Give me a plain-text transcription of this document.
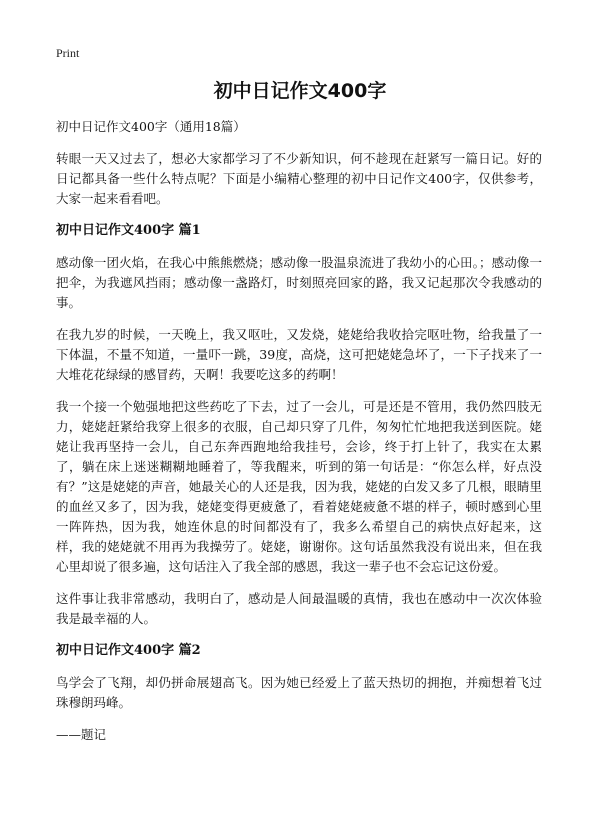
Print
初中日记作文400字

初中日记作文400字（通用18篇）

转眼一天又过去了，想必大家都学习了不少新知识，何不趁现在赶紧写一篇日记。好的日记都具备一些什么特点呢？下面是小编精心整理的初中日记作文400字，仅供参考，大家一起来看看吧。

初中日记作文400字 篇1

感动像一团火焰，在我心中熊熊燃烧；感动像一股温泉流进了我幼小的心田。；感动像一把伞，为我遮风挡雨；感动像一盏路灯，时刻照亮回家的路，我又记起那次令我感动的事。

在我九岁的时候，一天晚上，我又呕吐，又发烧，姥姥给我收拾完呕吐物，给我量了一下体温，不量不知道，一量吓一跳，39度，高烧，这可把姥姥急坏了，一下子找来了一大堆花花绿绿的感冒药，天啊！我要吃这多的药啊！

我一个接一个勉强地把这些药吃了下去，过了一会儿，可是还是不管用，我仍然四肢无力，姥姥赶紧给我穿上很多的衣服，自己却只穿了几件，匆匆忙忙地把我送到医院。姥姥让我再坚持一会儿，自己东奔西跑地给我挂号，会诊，终于打上针了，我实在太累了，躺在床上迷迷糊糊地睡着了，等我醒来，听到的第一句话是：“你怎么样，好点没有？”这是姥姥的声音，她最关心的人还是我，因为我，姥姥的白发又多了几根，眼睛里的血丝又多了，因为我，姥姥变得更疲惫了，看着姥姥疲惫不堪的样子，顿时感到心里一阵阵热，因为我，她连休息的时间都没有了，我多么希望自己的病快点好起来，这样，我的姥姥就不用再为我操劳了。姥姥，谢谢你。这句话虽然我没有说出来，但在我心里却说了很多遍，这句话注入了我全部的感恩，我这一辈子也不会忘记这份爱。

这件事让我非常感动，我明白了，感动是人间最温暖的真情，我也在感动中一次次体验我是最幸福的人。

初中日记作文400字 篇2

鸟学会了飞翔，却仍拼命展翅高飞。因为她已经爱上了蓝天热切的拥抱，并痴想着飞过珠穆朗玛峰。

——题记
